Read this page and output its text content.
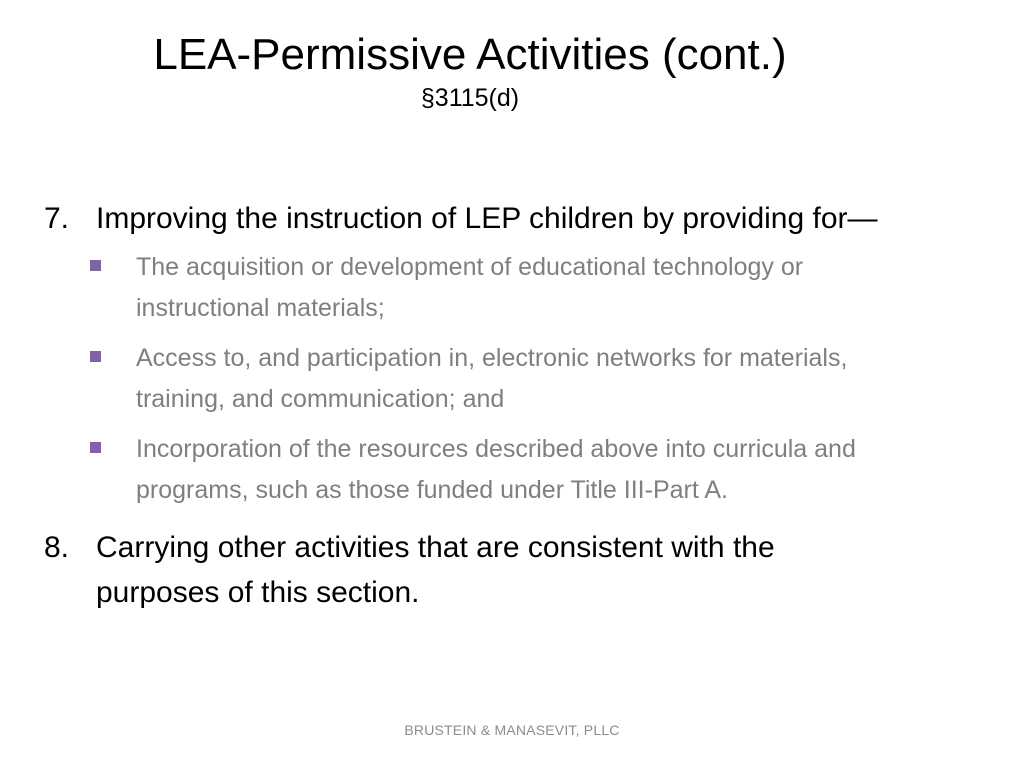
LEA-Permissive Activities (cont.)
§3115(d)
7. Improving the instruction of LEP children by providing for—
The acquisition or development of educational technology or instructional materials;
Access to, and participation in, electronic networks for materials, training, and communication; and
Incorporation of the resources described above into curricula and programs, such as those funded under Title III-Part A.
8. Carrying other activities that are consistent with the purposes of this section.
BRUSTEIN & MANASEVIT, PLLC
